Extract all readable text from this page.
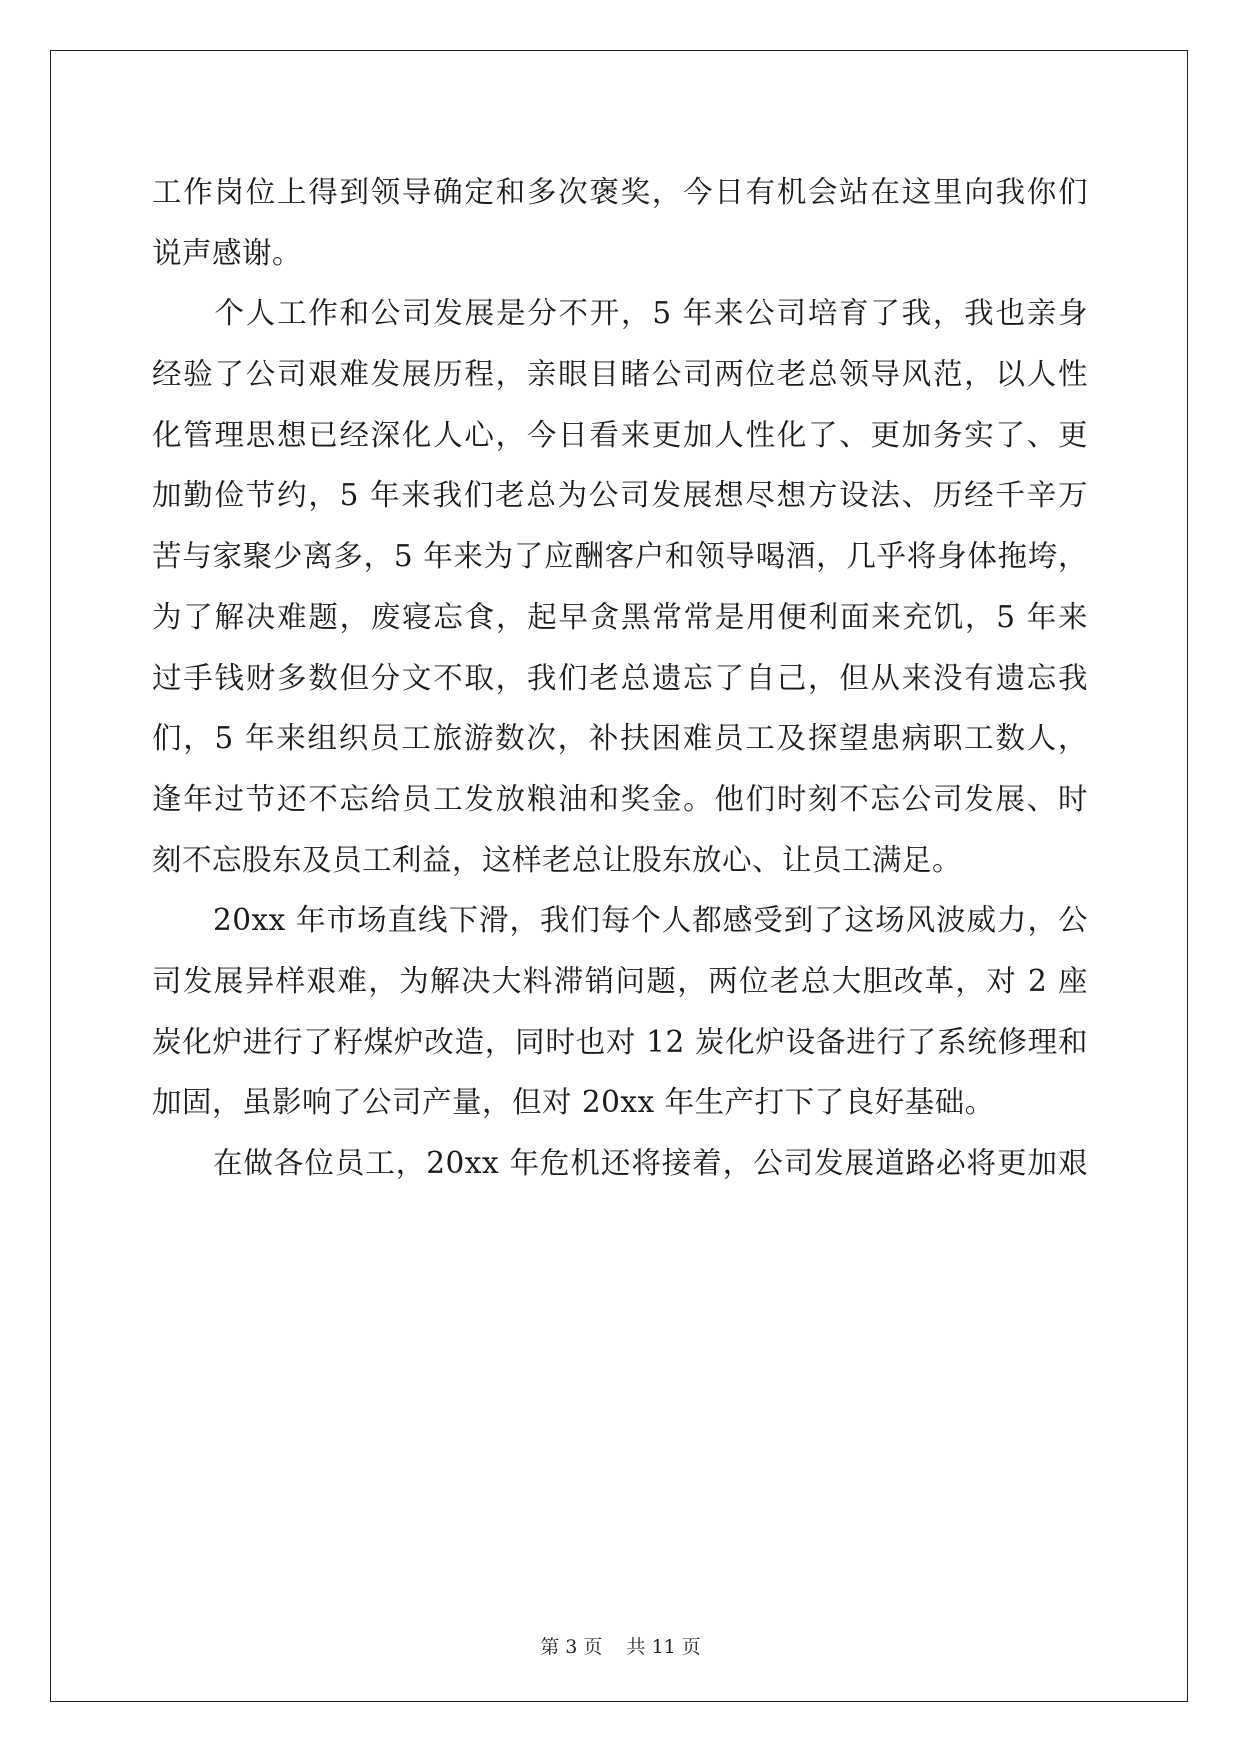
工作岗位上得到领导确定和多次褒奖，今日有机会站在这里向我你们
说声感谢。
　　个人工作和公司发展是分不开，5 年来公司培育了我，我也亲身
经验了公司艰难发展历程，亲眼目睹公司两位老总领导风范，以人性
化管理思想已经深化人心，今日看来更加人性化了、更加务实了、更
加勤俭节约，5 年来我们老总为公司发展想尽想方设法、历经千辛万
苦与家聚少离多，5 年来为了应酬客户和领导喝酒，几乎将身体拖垮，
为了解决难题，废寝忘食，起早贪黑常常是用便利面来充饥，5 年来
过手钱财多数但分文不取，我们老总遗忘了自己，但从来没有遗忘我
们，5 年来组织员工旅游数次，补扶困难员工及探望患病职工数人，
逢年过节还不忘给员工发放粮油和奖金。他们时刻不忘公司发展、时
刻不忘股东及员工利益，这样老总让股东放心、让员工满足。
　　20xx 年市场直线下滑，我们每个人都感受到了这场风波威力，公
司发展异样艰难，为解决大料滞销问题，两位老总大胆改革，对 2 座
炭化炉进行了籽煤炉改造，同时也对 12 炭化炉设备进行了系统修理和
加固，虽影响了公司产量，但对 20xx 年生产打下了良好基础。
　　在做各位员工，20xx 年危机还将接着，公司发展道路必将更加艰
第 3 页 共 11 页
